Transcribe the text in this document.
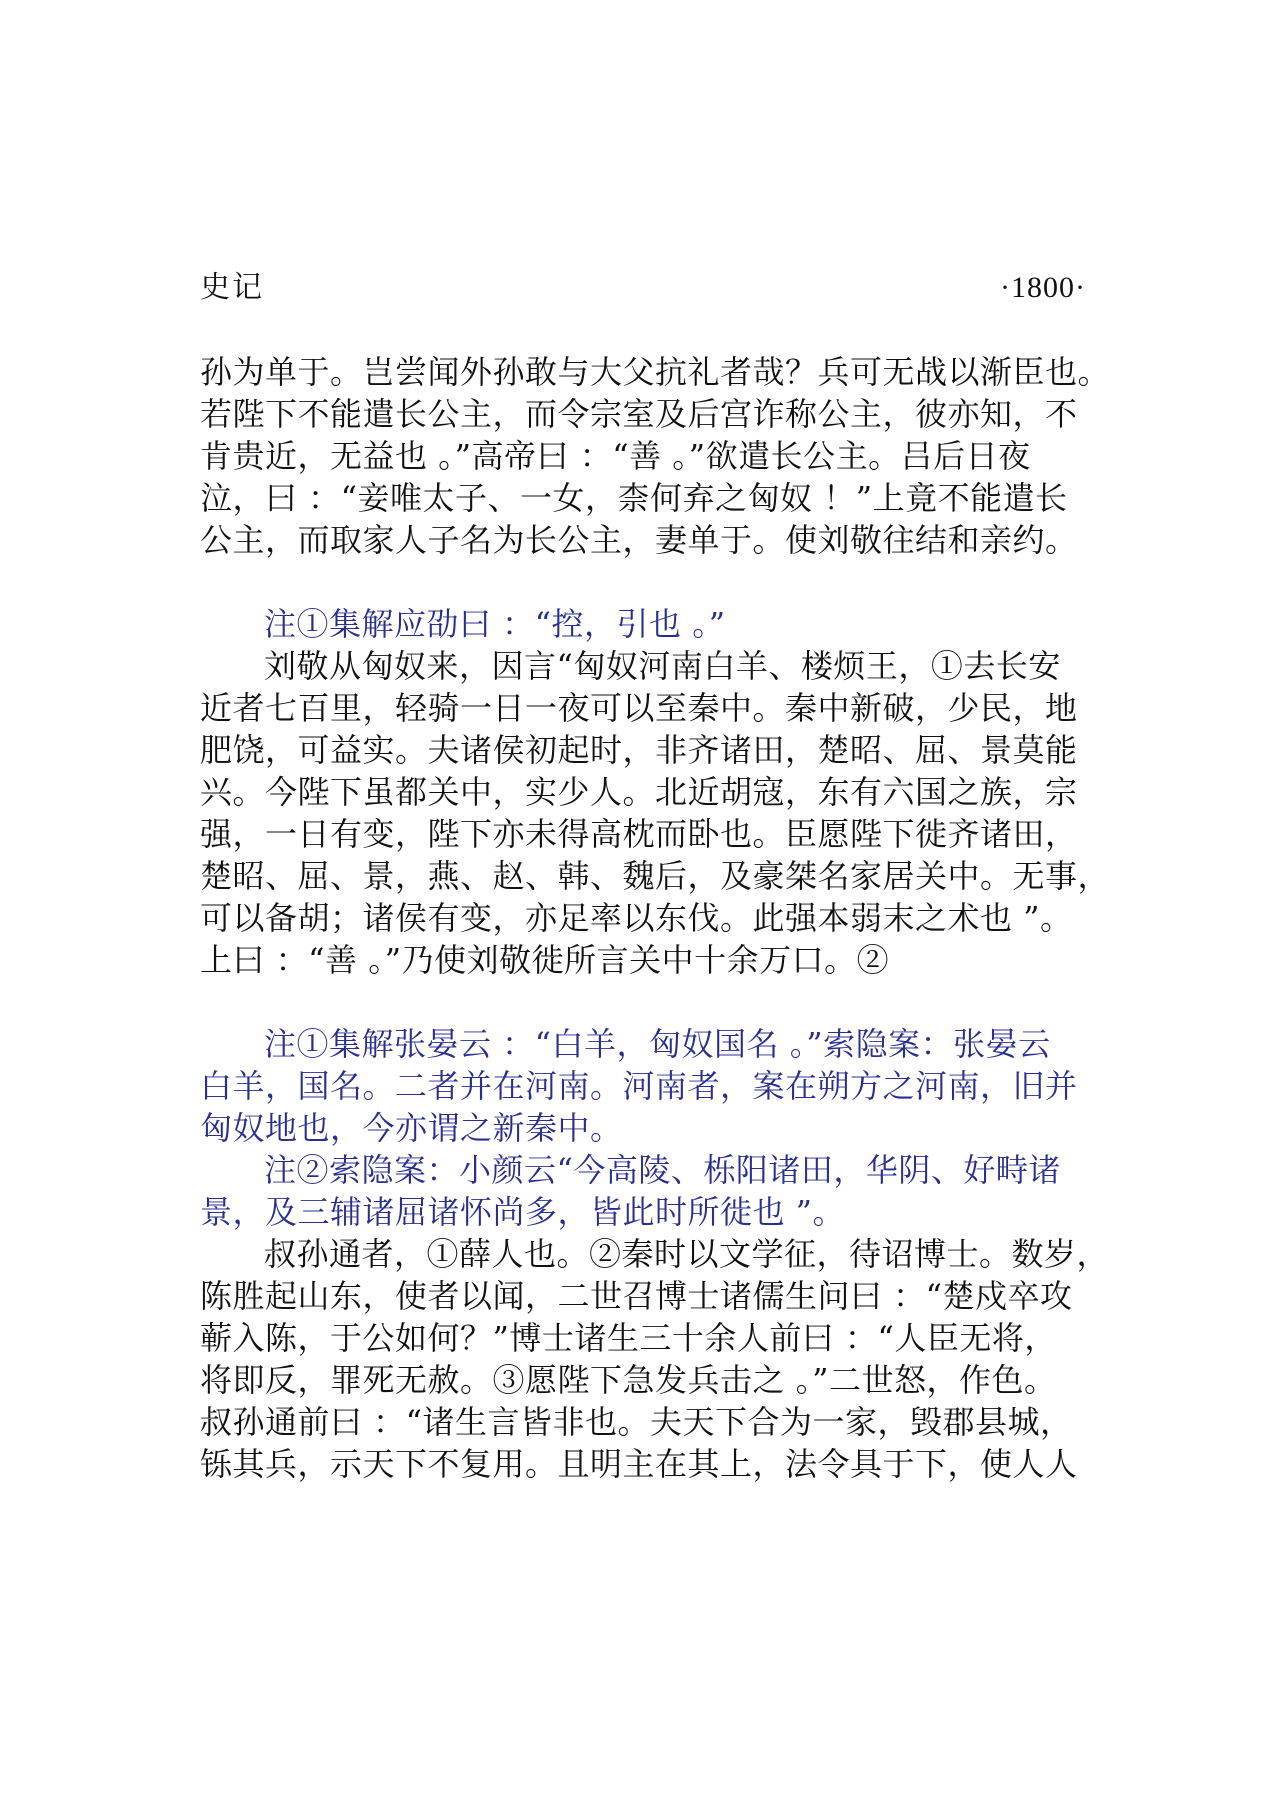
史记	·1800·
孙为单于。岂尝闻外孙敢与大父抗礼者哉？兵可无战以渐臣也。
若陛下不能遣长公主，而令宗室及后宫诈称公主，彼亦知，不
肯贵近，无益也 。”高帝曰 ：“善 。”欲遣长公主。吕后日夜
泣，曰 ：“妾唯太子、一女，柰何弃之匈奴 ！”上竟不能遣长
公主，而取家人子名为长公主，妻单于。使刘敬往结和亲约。
注①集解应劭曰 ：“控，引也 。”
刘敬从匈奴来，因言“匈奴河南白羊、楼烦王，①去长安
近者七百里，轻骑一日一夜可以至秦中。秦中新破，少民，地
肥饶，可益实。夫诸侯初起时，非齐诸田，楚昭、屈、景莫能
兴。今陛下虽都关中，实少人。北近胡寇，东有六国之族，宗
强，一日有变，陛下亦未得高枕而卧也。臣愿陛下徙齐诸田，
楚昭、屈、景，燕、赵、韩、魏后，及豪桀名家居关中。无事，
可以备胡；诸侯有变，亦足率以东伐。此强本弱末之术也 ”。
上曰 ：“善 。”乃使刘敬徙所言关中十余万口。②
注①集解张晏云 ：“白羊，匈奴国名 。”索隐案：张晏云
白羊，国名。二者并在河南。河南者，案在朔方之河南，旧并
匈奴地也，今亦谓之新秦中。
注②索隐案：小颜云“今高陵、栎阳诸田，华阴、好畤诸
景，及三辅诸屈诸怀尚多，皆此时所徙也 ”。
叔孙通者，①薛人也。②秦时以文学征，待诏博士。数岁，
陈胜起山东，使者以闻，二世召博士诸儒生问曰 ：“楚戍卒攻
蕲入陈，于公如何？”博士诸生三十余人前曰 ：“人臣无将，
将即反，罪死无赦。③愿陛下急发兵击之 。”二世怒，作色。
叔孙通前曰 ：“诸生言皆非也。夫天下合为一家，毁郡县城，
铄其兵，示天下不复用。且明主在其上，法令具于下，使人人
